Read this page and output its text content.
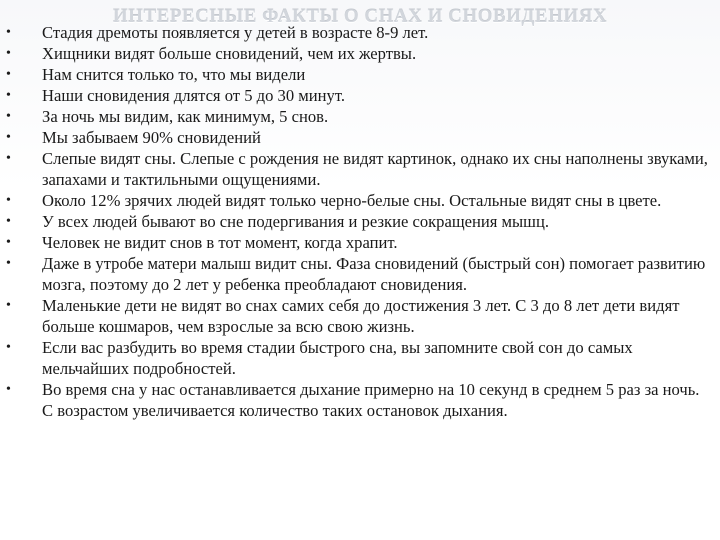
ИНТЕРЕСНЫЕ ФАКТЫ О СНАХ И СНОВИДЕНИЯХ
•	Стадия дремоты появляется у детей в возрасте 8-9 лет.
•	Хищники видят больше сновидений, чем их жертвы.
•	Нам снится только то, что мы видели
•	Наши сновидения длятся от 5 до 30 минут.
•	За ночь мы видим, как минимум, 5 снов.
•	Мы забываем 90% сновидений
•	Слепые видят сны. Слепые с рождения не видят картинок, однако их сны наполнены звуками, запахами и тактильными ощущениями.
•	Около 12% зрячих людей видят только черно-белые сны. Остальные видят сны в цвете.
•	У всех людей бывают во сне подергивания и резкие сокращения мышц.
•	Человек не видит снов в тот момент, когда храпит.
•	Даже в утробе матери малыш видит сны. Фаза сновидений (быстрый сон) помогает развитию мозга, поэтому до 2 лет у ребенка преобладают сновидения.
•	Маленькие дети не видят во снах самих себя до достижения 3 лет. С 3 до 8 лет дети видят больше кошмаров, чем взрослые за всю свою жизнь.
•	Если вас разбудить во время стадии быстрого сна, вы запомните свой сон до самых мельчайших подробностей.
•	Во время сна у нас останавливается дыхание примерно на 10 секунд в среднем 5 раз за ночь. С возрастом увеличивается количество таких остановок дыхания.
